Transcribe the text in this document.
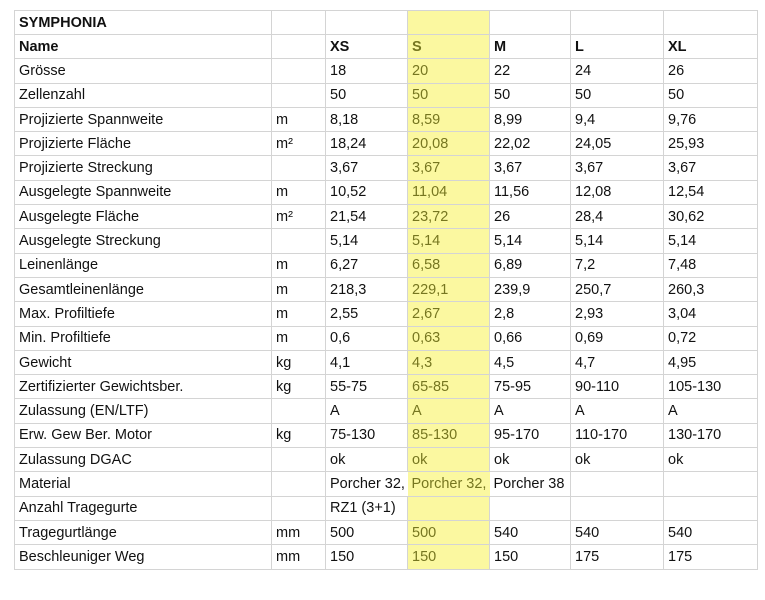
SYMPHONIA						
Name		XS	S	M	L	XL
Grösse		18	20	22	24	26
Zellenzahl		50	50	50	50	50
Projizierte Spannweite	m	8,18	8,59	8,99	9,4	9,76
Projizierte Fläche	m²	18,24	20,08	22,02	24,05	25,93
Projizierte Streckung		3,67	3,67	3,67	3,67	3,67
Ausgelegte Spannweite	m	10,52	11,04	11,56	12,08	12,54
Ausgelegte Fläche	m²	21,54	23,72	26	28,4	30,62
Ausgelegte Streckung		5,14	5,14	5,14	5,14	5,14
Leinenlänge	m	6,27	6,58	6,89	7,2	7,48
Gesamtleinenlänge	m	218,3	229,1	239,9	250,7	260,3
Max. Profiltiefe	m	2,55	2,67	2,8	2,93	3,04
Min. Profiltiefe	m	0,6	0,63	0,66	0,69	0,72
Gewicht	kg	4,1	4,3	4,5	4,7	4,95
Zertifizierter Gewichtsber.	kg	55-75	65-85	75-95	90-110	105-130
Zulassung (EN/LTF)		A	A	A	A	A
Erw. Gew Ber. Motor	kg	75-130	85-130	95-170	110-170	130-170
Zulassung DGAC		ok	ok	ok	ok	ok
Material		Porcher 32,	Porcher 32,	Porcher 38		
Anzahl Tragegurte		RZ1 (3+1)				
Tragegurtlänge	mm	500	500	540	540	540
Beschleuniger Weg	mm	150	150	150	175	175
